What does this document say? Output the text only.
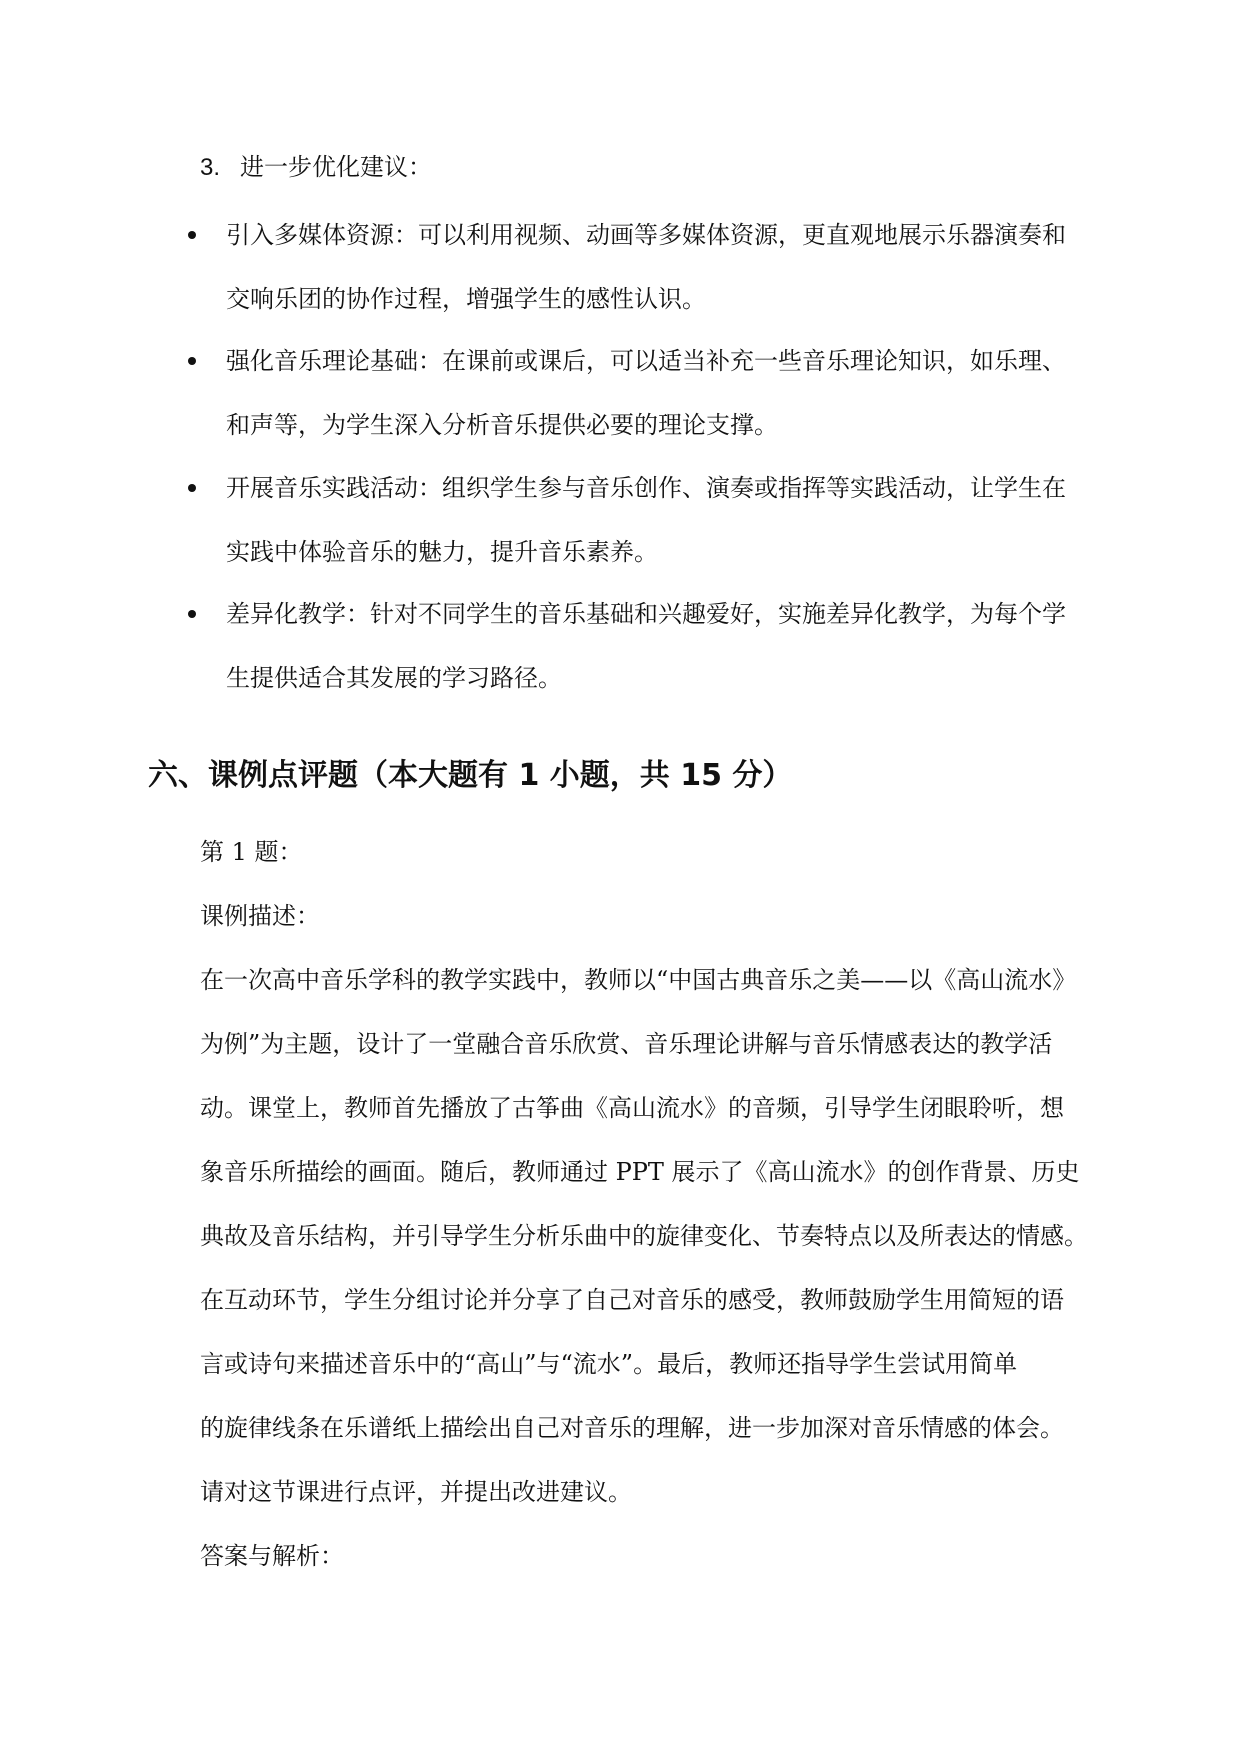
3. 进一步优化建议：
引入多媒体资源：可以利用视频、动画等多媒体资源，更直观地展示乐器演奏和
交响乐团的协作过程，增强学生的感性认识。
强化音乐理论基础：在课前或课后，可以适当补充一些音乐理论知识，如乐理、
和声等，为学生深入分析音乐提供必要的理论支撑。
开展音乐实践活动：组织学生参与音乐创作、演奏或指挥等实践活动，让学生在
实践中体验音乐的魅力，提升音乐素养。
差异化教学：针对不同学生的音乐基础和兴趣爱好，实施差异化教学，为每个学
生提供适合其发展的学习路径。
六、课例点评题（本大题有 1 小题，共 15 分）
第 1 题：
课例描述：
在一次高中音乐学科的教学实践中，教师以“中国古典音乐之美——以《高山流水》
为例”为主题，设计了一堂融合音乐欣赏、音乐理论讲解与音乐情感表达的教学活
动。课堂上，教师首先播放了古筝曲《高山流水》的音频，引导学生闭眼聆听，想
象音乐所描绘的画面。随后，教师通过 PPT 展示了《高山流水》的创作背景、历史
典故及音乐结构，并引导学生分析乐曲中的旋律变化、节奏特点以及所表达的情感。
在互动环节，学生分组讨论并分享了自己对音乐的感受，教师鼓励学生用简短的语
言或诗句来描述音乐中的“高山”与“流水”。最后，教师还指导学生尝试用简单
的旋律线条在乐谱纸上描绘出自己对音乐的理解，进一步加深对音乐情感的体会。
请对这节课进行点评，并提出改进建议。
答案与解析：
